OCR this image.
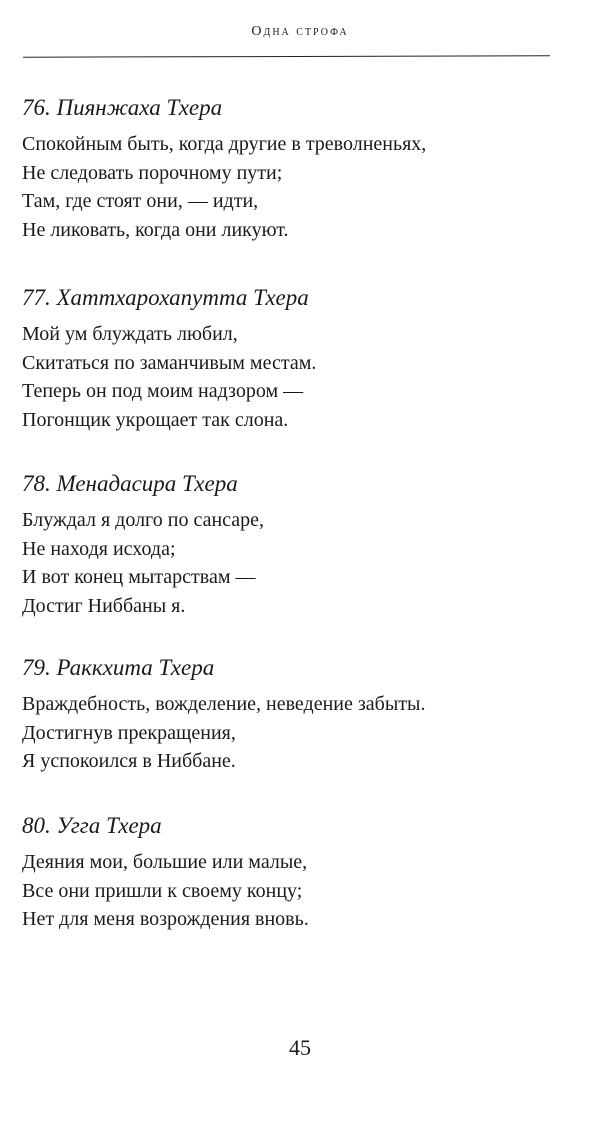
Одна строфа
76. Пиянжаха Тхера
Спокойным быть, когда другие в треволненьях,
Не следовать порочному пути;
Там, где стоят они, — идти,
Не ликовать, когда они ликуют.
77. Хаттхарохапутта Тхера
Мой ум блуждать любил,
Скитаться по заманчивым местам.
Теперь он под моим надзором —
Погонщик укрощает так слона.
78. Менадасира Тхера
Блуждал я долго по сансаре,
Не находя исхода;
И вот конец мытарствам —
Достиг Ниббаны я.
79. Раккхита Тхера
Враждебность, вожделение, неведение забыты.
Достигнув прекращения,
Я успокоился в Ниббане.
80. Угга Тхера
Деяния мои, большие или малые,
Все они пришли к своему концу;
Нет для меня возрождения вновь.
45
